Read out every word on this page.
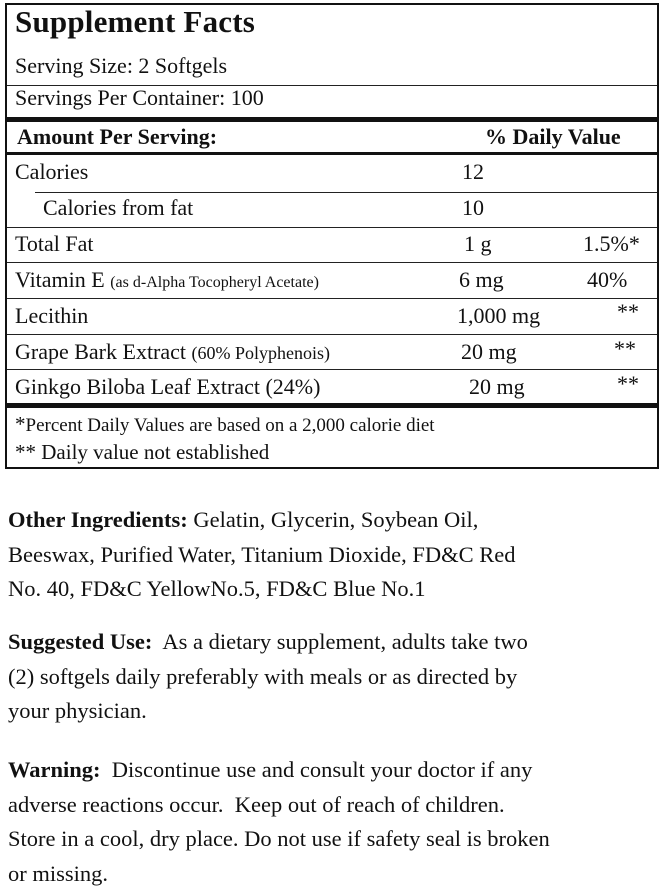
Supplement Facts
Serving Size: 2 Softgels
Servings Per Container: 100
Amount Per Serving:	% Daily Value
Calories	12
Calories from fat	10
Total Fat	1 g	1.5%*
Vitamin E (as d-Alpha Tocopheryl Acetate)	6 mg	40%
Lecithin	1,000 mg	**
Grape Bark Extract (60% Polyphenois)	20 mg	**
Ginkgo Biloba Leaf Extract (24%)	20 mg	**
*Percent Daily Values are based on a 2,000 calorie diet
** Daily value not established
Other Ingredients: Gelatin, Glycerin, Soybean Oil,
Beeswax, Purified Water, Titanium Dioxide, FD&C Red
No. 40, FD&C YellowNo.5, FD&C Blue No.1
Suggested Use:  As a dietary supplement, adults take two
(2) softgels daily preferably with meals or as directed by
your physician.
Warning:  Discontinue use and consult your doctor if any
adverse reactions occur.  Keep out of reach of children.
Store in a cool, dry place. Do not use if safety seal is broken
or missing.
